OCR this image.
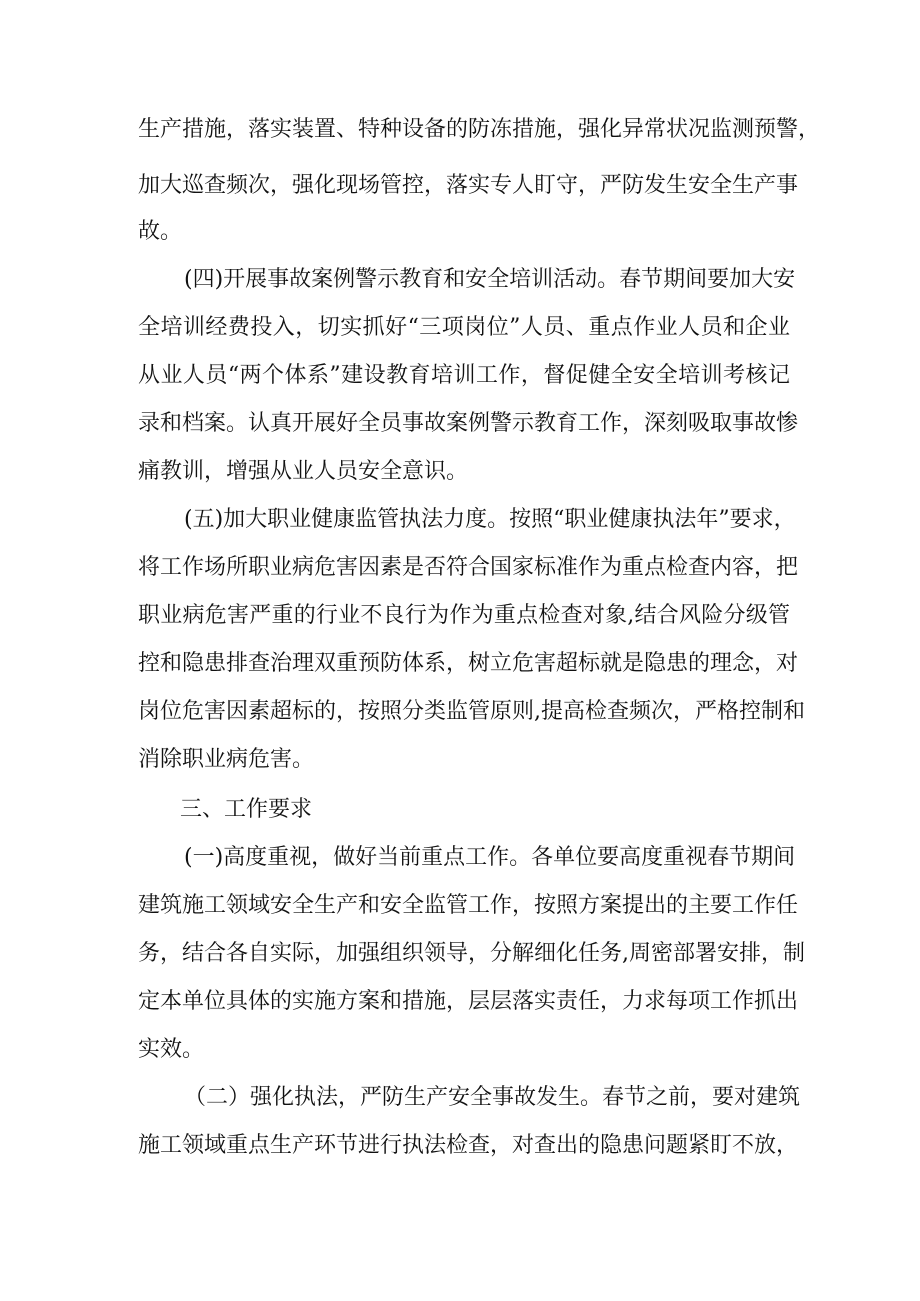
生产措施，落实装置、特种设备的防冻措施，强化异常状况监测预警，
加大巡查频次，强化现场管控，落实专人盯守，严防发生安全生产事
故。
(四)开展事故案例警示教育和安全培训活动。春节期间要加大安
全培训经费投入，切实抓好“三项岗位”人员、重点作业人员和企业
从业人员“两个体系”建设教育培训工作，督促健全安全培训考核记
录和档案。认真开展好全员事故案例警示教育工作，深刻吸取事故惨
痛教训，增强从业人员安全意识。
(五)加大职业健康监管执法力度。按照“职业健康执法年”要求，
将工作场所职业病危害因素是否符合国家标准作为重点检查内容，把
职业病危害严重的行业不良行为作为重点检查对象,结合风险分级管
控和隐患排查治理双重预防体系，树立危害超标就是隐患的理念，对
岗位危害因素超标的，按照分类监管原则,提高检查频次，严格控制和
消除职业病危害。
三、工作要求
(一)高度重视，做好当前重点工作。各单位要高度重视春节期间
建筑施工领域安全生产和安全监管工作，按照方案提出的主要工作任
务，结合各自实际，加强组织领导，分解细化任务,周密部署安排，制
定本单位具体的实施方案和措施，层层落实责任，力求每项工作抓出
实效。
（二）强化执法，严防生产安全事故发生。春节之前，要对建筑
施工领域重点生产环节进行执法检查，对查出的隐患问题紧盯不放，
